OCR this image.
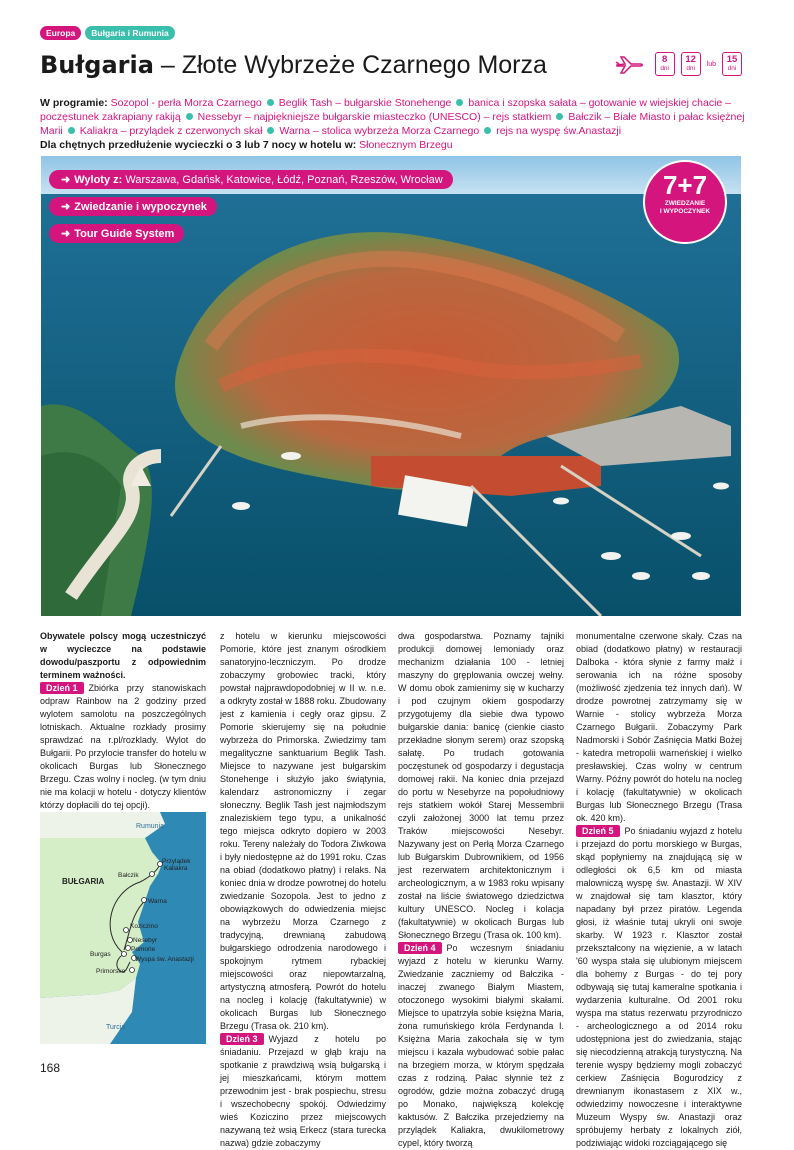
Europa	Bułgaria i Rumunia
Bułgaria – Złote Wybrzeże Czarnego Morza	8
dni
12
dni
lub	15
dni
W programie: Sozopol - perła Morza Czarnego Beglik Tash – bułgarskie Stonehenge banica i szopska sałata – gotowanie w wiejskiej chacie – poczęstunek zakrapiany rakiją Nessebyr – najpiękniejsze bułgarskie miasteczko (UNESCO) – rejs statkiem Bałczik – Białe Miasto i pałac księżnej Marii Kaliakra – przylądek z czerwonych skał Warna – stolica wybrzeża Morza Czarnego rejs na wyspę św.Anastazji
Dla chętnych przedłużenie wycieczki o 3 lub 7 nocy w hotelu w: Słonecznym Brzegu
➜ Wyloty z: Warszawa, Gdańsk, Katowice, Łódź, Poznań, Rzeszów, Wrocław
➜ Zwiedzanie i wypoczynek
➜ Tour Guide System
7+7
ZWIEDZANIE
I WYPOCZYNEK

Obywatele polscy mogą uczestniczyć w wycieczce na podstawie dowodu/paszportu z odpowiednim terminem ważności.

Dzień 1 Zbiórka przy stanowiskach odpraw Rainbow na 2 godziny przed wylotem samolotu na poszczególnych lotniskach. Aktualne rozkłady prosimy sprawdzać na r.pl/rozklady. Wylot do Bułgarii. Po przylocie transfer do hotelu w okolicach Burgas lub Słonecznego Brzegu. Czas wolny i nocleg. (w tym dniu nie ma kolacji w hotelu - dotyczy klientów którzy dopłacili do tej opcji).

Rumunia
BUŁGARIA
Turcja
Przylądek Kaliakra
Bałczik
Warna
Koziczino
Nesebyr
Pomorie
Burgas
Wyspa św. Anastazji
Primorsko

z hotelu w kierunku miejscowości Pomorie, które jest znanym ośrodkiem sanatoryjno-leczniczym. Po drodze zobaczymy grobowiec tracki, który powstał najprawdopodobniej w II w. n.e. a odkryty został w 1888 roku. Zbudowany jest z kamienia i cegły oraz gipsu. Z Pomorie skierujemy się na południe wybrzeża do Primorska. Zwiedzimy tam megalityczne sanktuarium Beglik Tash. Miejsce to nazywane jest bułgarskim Stonehenge i służyło jako świątynia, kalendarz astronomiczny i zegar słoneczny. Beglik Tash jest najmłodszym znaleziskiem tego typu, a unikalność tego miejsca odkryto dopiero w 2003 roku. Tereny należały do Todora Ziwkowa i były niedostępne aż do 1991 roku. Czas na obiad (dodatkowo płatny) i relaks. Na koniec dnia w drodze powrotnej do hotelu zwiedzanie Sozopola. Jest to jedno z obowiązkowych do odwiedzenia miejsc na wybrzeżu Morza Czarnego z tradycyjną, drewnianą zabudową bułgarskiego odrodzenia narodowego i spokojnym rytmem rybackiej miejscowości oraz niepowtarzalną, artystyczną atmosferą. Powrót do hotelu na nocleg i kolację (fakultatywnie) w okolicach Burgas lub Słonecznego Brzegu (Trasa ok. 210 km).

Dzień 3 Wyjazd z hotelu po śniadaniu. Przejazd w głąb kraju na spotkanie z prawdziwą wsią bułgarską i jej mieszkańcami, którym mottem przewodnim jest - brak pospiechu, stresu i wszechobecny spokój. Odwiedzimy wieś Koziczino przez miejscowych nazywaną też wsią Erkecz (stara turecka nazwa) gdzie zobaczymy

dwa gospodarstwa. Poznamy tajniki produkcji domowej lemoniady oraz mechanizm działania 100 - letniej maszyny do gręplowania owczej wełny. W domu obok zamienimy się w kucharzy i pod czujnym okiem gospodarzy przygotujemy dla siebie dwa typowo bułgarskie dania: banicę (cienkie ciasto przekładne słonym serem) oraz szopską sałatę. Po trudach gotowania poczęstunek od gospodarzy i degustacja domowej rakii. Na koniec dnia przejazd do portu w Nesebyrze na popołudniowy rejs statkiem wokół Starej Messembrii czyli założonej 3000 lat temu przez Traków miejscowości Nesebyr. Nazywany jest on Perłą Morza Czarnego lub Bułgarskim Dubrownikiem, od 1956 jest rezerwatem architektonicznym i archeologicznym, a w 1983 roku wpisany został na liście światowego dziedzictwa kultury UNESCO. Nocleg i kolacja (fakultatywnie) w okolicach Burgas lub Słonecznego Brzegu (Trasa ok. 100 km).

Dzień 4 Po wczesnym śniadaniu wyjazd z hotelu w kierunku Warny. Zwiedzanie zaczniemy od Bałczika - inaczej zwanego Białym Miastem, otoczonego wysokimi białymi skałami. Miejsce to upatrzyła sobie księżna Maria, żona rumuńskiego króla Ferdynanda I. Księżna Maria zakochała się w tym miejscu i kazała wybudować sobie pałac na brzegiem morza, w którym spędzała czas z rodziną. Pałac słynnie też z ogrodów, gdzie można zobaczyć drugą po Monako, największą kolekcję kaktusów. Z Bałczika przejedziemy na przylądek Kaliakra, dwukilometrowy cypel, który tworzą

monumentalne czerwone skały. Czas na obiad (dodatkowo płatny) w restauracji Dalboka - która słynie z farmy małż i serowania ich na różne sposoby (możliwość zjedzenia też innych dań). W drodze powrotnej zatrzymamy się w Warnie - stolicy wybrzeża Morza Czarnego Bułgarii. Zobaczymy Park Nadmorski i Sobór Zaśnięcia Matki Bożej - katedra metropolii warneńskiej i wielko presławskiej. Czas wolny w centrum Warny. Późny powrót do hotelu na nocleg i kolację (fakultatywnie) w okolicach Burgas lub Słonecznego Brzegu (Trasa ok. 420 km).

Dzień 5 Po śniadaniu wyjazd z hotelu i przejazd do portu morskiego w Burgas, skąd popłyniemy na znajdującą się w odległości ok 6,5 km od miasta malowniczą wyspę św. Anastazji. W XIV w znajdował się tam klasztor, który napadany był przez piratów. Legenda głosi, iż właśnie tutaj ukryli oni swoje skarby. W 1923 r. Klasztor został przekształcony na więzienie, a w latach '60 wyspa stała się ulubionym miejscem dla bohemy z Burgas - do tej pory odbywają się tutaj kameralne spotkania i wydarzenia kulturalne. Od 2001 roku wyspa ma status rezerwatu przyrodniczo - archeologicznego a od 2014 roku udostępniona jest do zwiedzania, stając się niecodzienną atrakcją turystyczną. Na terenie wyspy będziemy mogli zobaczyć cerkiew Zaśnięcia Bogurodzicy z drewnianym ikonastasem z XIX w., odwiedzimy nowoczesne i interaktywne Muzeum Wyspy św. Anastazji oraz spróbujemy herbaty z lokalnych ziół, podziwiając widoki rozciągającego się

168
